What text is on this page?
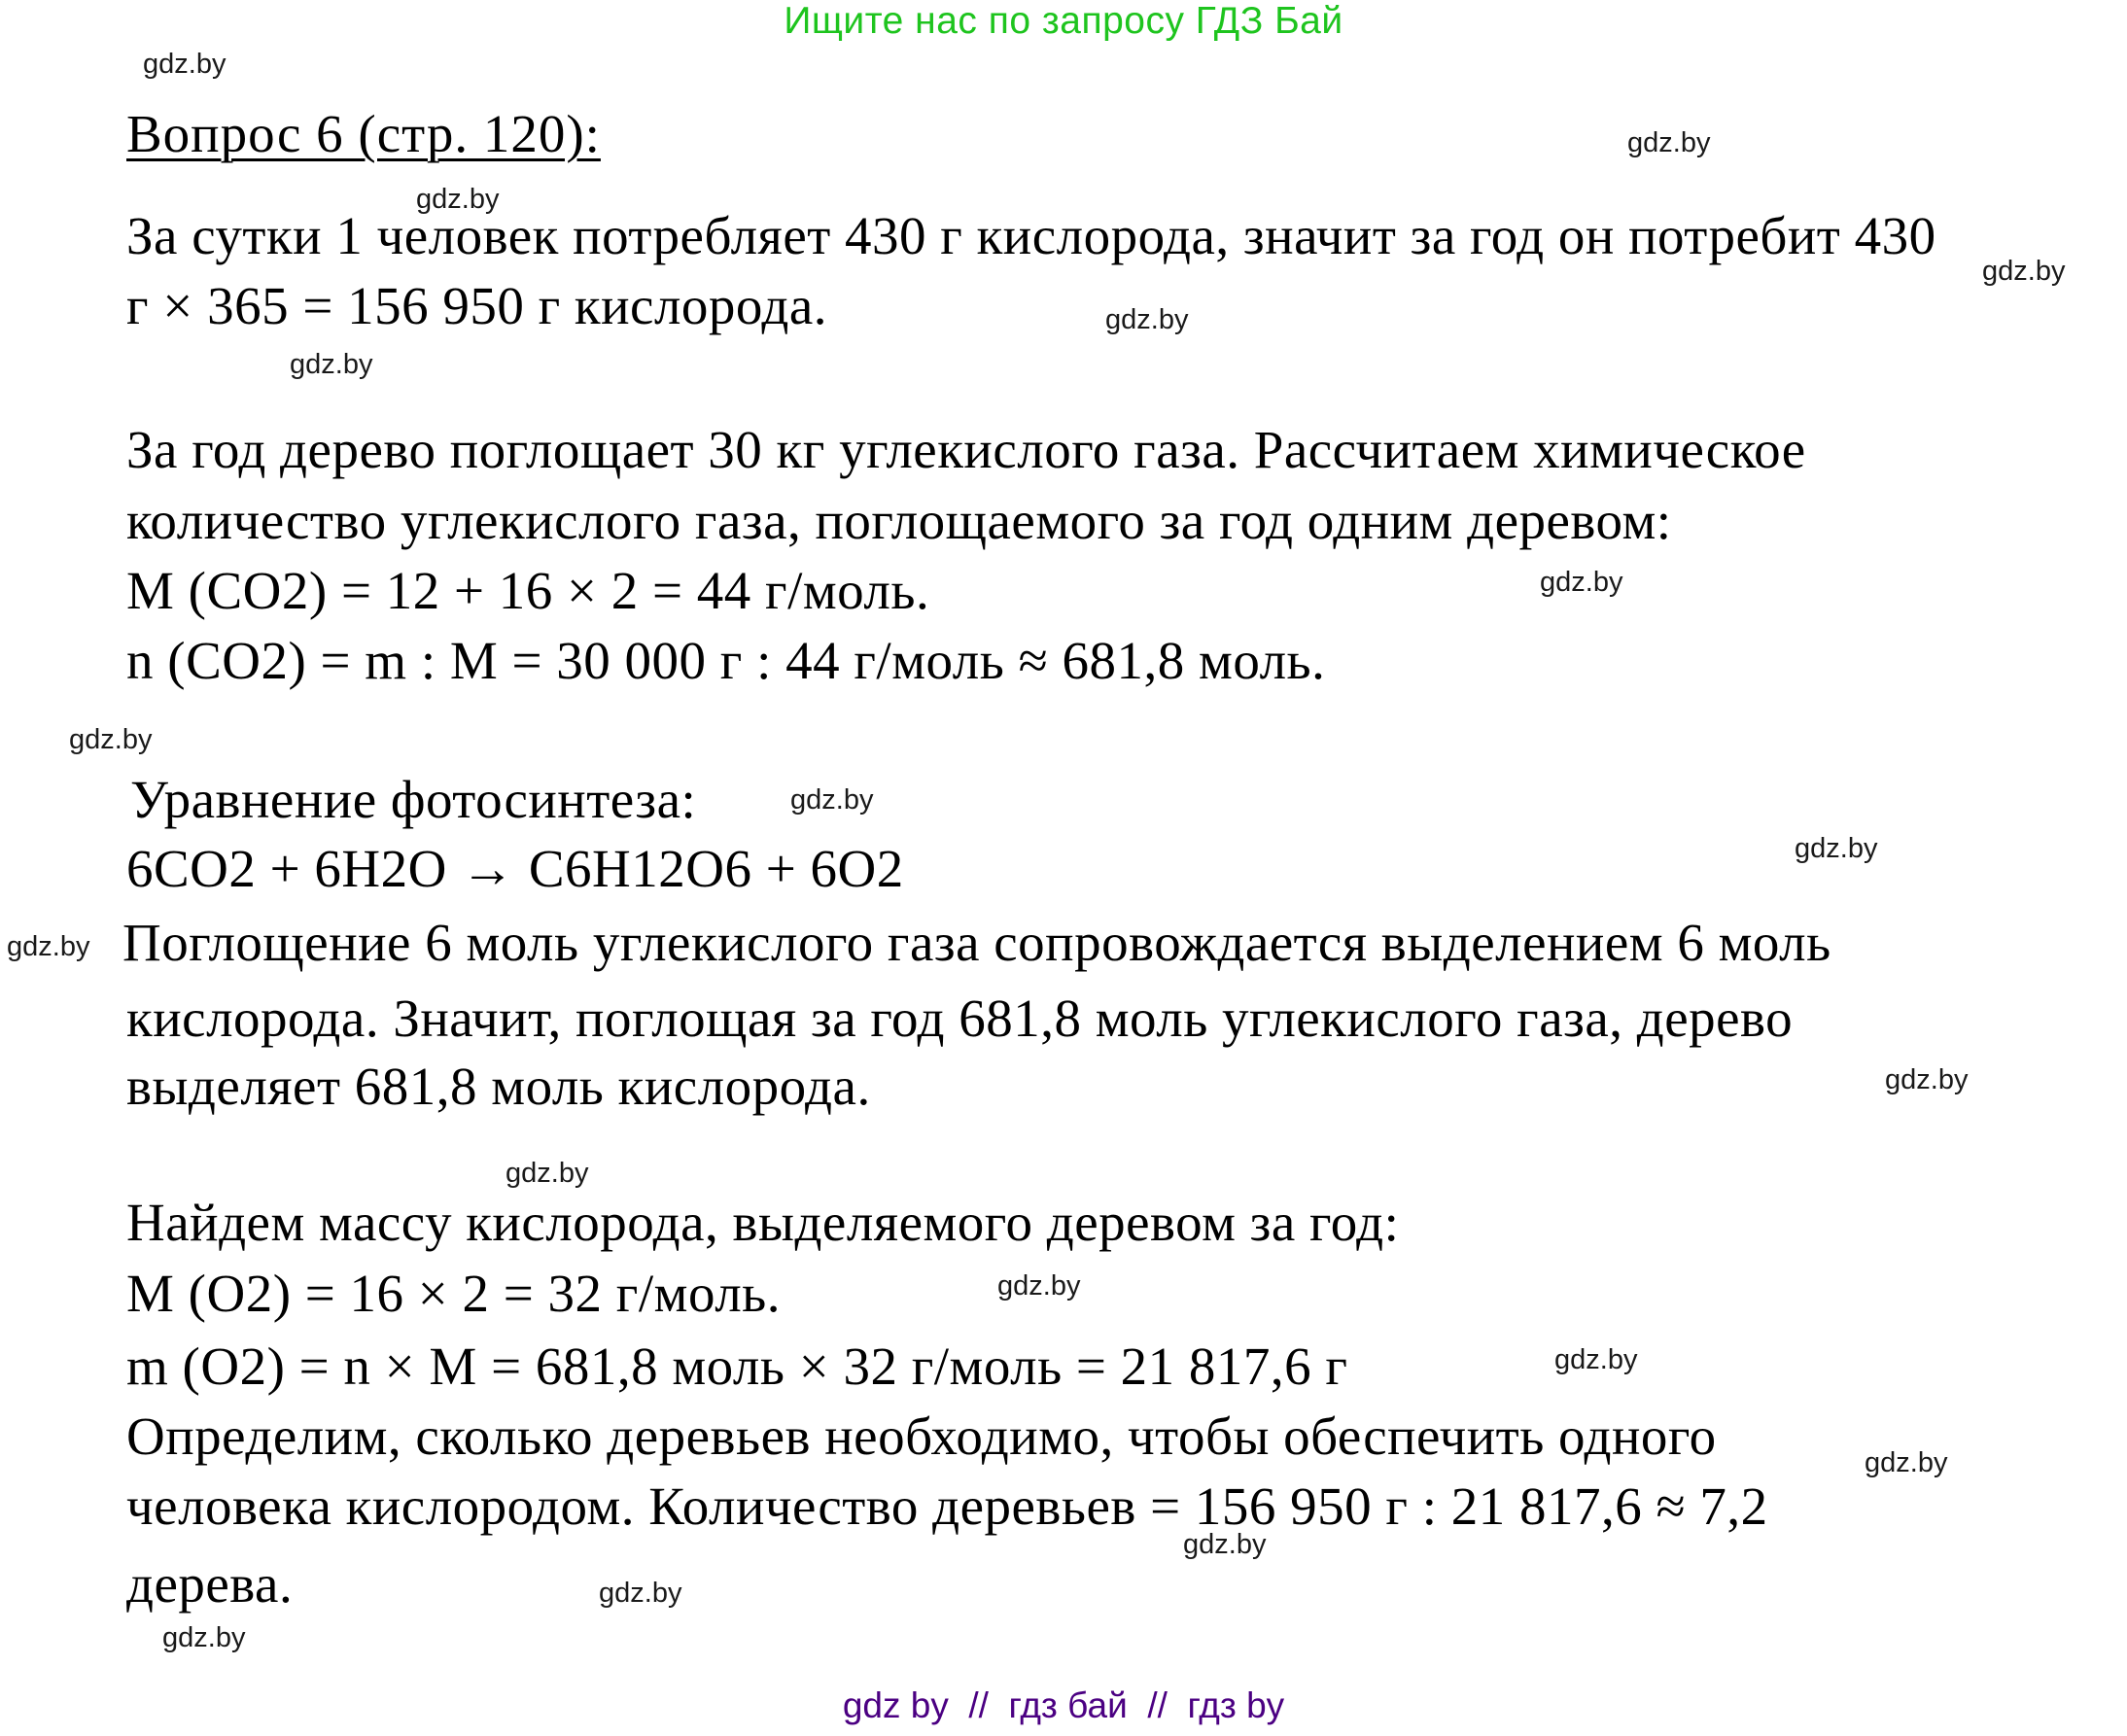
Ищите нас по запросу ГДЗ Бай
Вопрос 6 (стр. 120):
За сутки 1 человек потребляет 430 г кислорода, значит за год он потребит 430
г × 365 = 156 950 г кислорода.
За год дерево поглощает 30 кг углекислого газа. Рассчитаем химическое
количество углекислого газа, поглощаемого за год одним деревом:
М (CO2) = 12 + 16 × 2 = 44 г/моль.
n (CO2) = m : М = 30 000 г : 44 г/моль ≈ 681,8 моль.
Уравнение фотосинтеза:
6CO2 + 6H2O → C6H12O6 + 6O2
Поглощение 6 моль углекислого газа сопровождается выделением 6 моль
кислорода. Значит, поглощая за год 681,8 моль углекислого газа, дерево
выделяет 681,8 моль кислорода.
Найдем массу кислорода, выделяемого деревом за год:
М (O2) = 16 × 2 = 32 г/моль.
m (O2) = n × М = 681,8 моль × 32 г/моль = 21 817,6 г
Определим, сколько деревьев необходимо, чтобы обеспечить одного
человека кислородом. Количество деревьев = 156 950 г : 21 817,6 ≈ 7,2
дерева.
gdz.by
gdz.by
gdz.by
gdz.by
gdz.by
gdz.by
gdz.by
gdz.by
gdz.by
gdz.by
gdz.by
gdz.by
gdz.by
gdz.by
gdz.by
gdz.by
gdz.by
gdz.by
gdz.by
gdz by  //  гдз бай  //  гдз by
